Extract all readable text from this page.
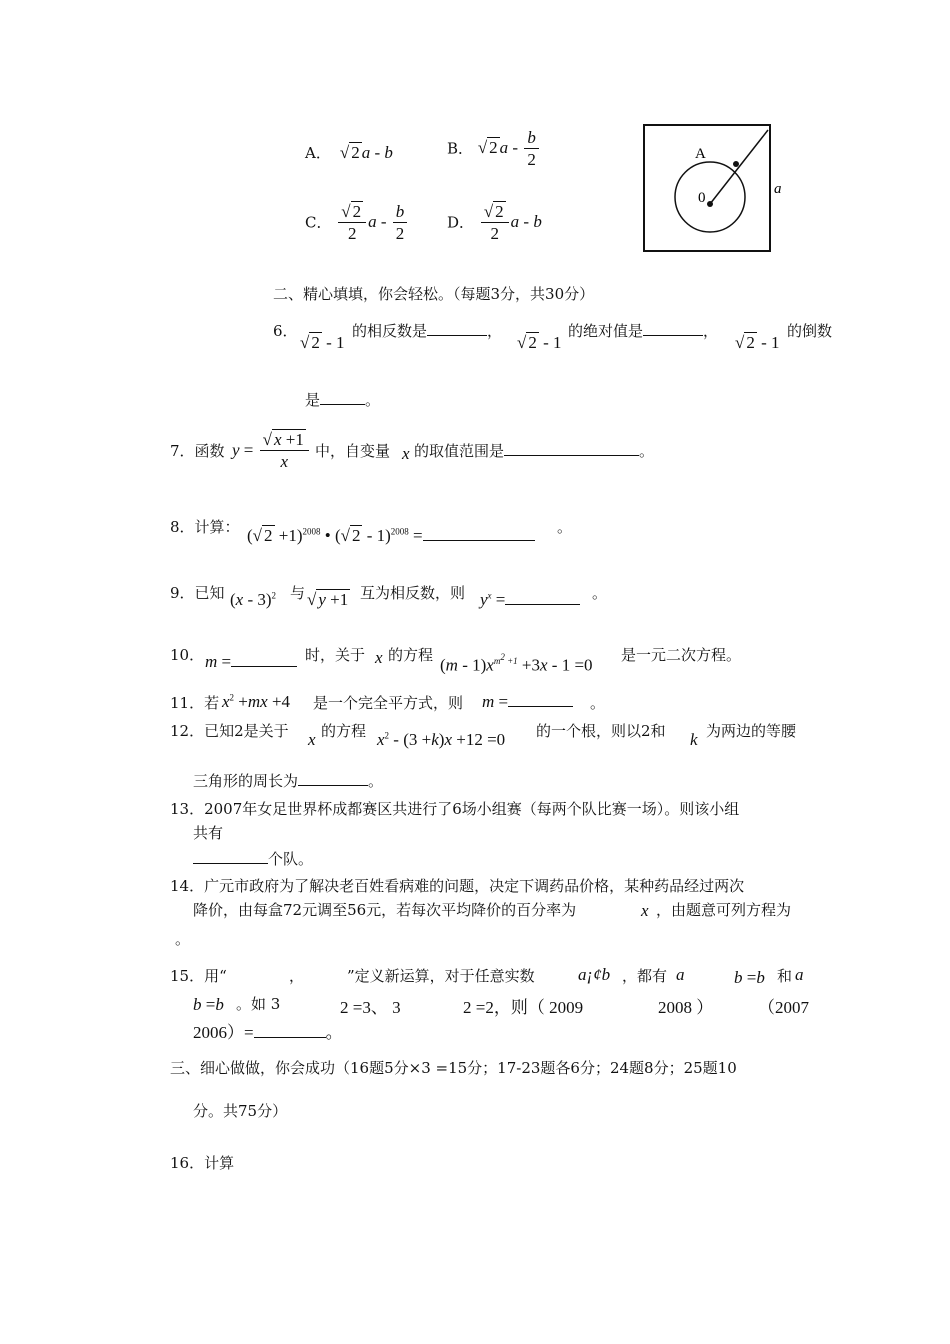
A．  √ 2 a - b	B． √ 2 a - $\frac{b}{2}$
C． $\frac{√ 2}{2}$ a - $\frac{b}{2}$	D． $\frac{√ 2}{2}$ a - b
A
0
a
二、精心填填，你会轻松。（每题3分，共30分）
6．
√ 2 - 1
的相反数是	，
√ 2 - 1
的绝对值是	，
√ 2 - 1
的倒数
是	。
7．函数 $y = \frac{√ x +1}{x}$ 中，自变量 x 的取值范围是	。
8．计算： (√ 2 +1)$^{2008}$ • (√ 2 - 1)$^{2008}$ =	。
9．已知 (x - 3)$^2$ 与 √ y +1 互为相反数，则 $y^x$ =	。
10． m =	时，关于 x 的方程
$(m - 1)x^{m^2 +1} +3x - 1 =0$
是一元二次方程。
11．若 $x^2 +mx +4$ 是一个完全平方式，则 m =	。
12．已知2是关于 x 的方程 $x^2 - (3 +k)x +12 =0$ 的一个根，则以2和 k 为两边的等腰
三角形的周长为	。
13．2007年女足世界杯成都赛区共进行了6场小组赛（每两个队比赛一场）。则该小组
共有
个队。
14．广元市政府为了解决老百姓看病难的问题，决定下调药品价格，某种药品经过两次
降价，由每盒72元调至56元，若每次平均降价的百分率为	x ，由题意可列方程为
。
15．用“	，	”定义新运算，对于任意实数	a¡¢b ，都有 a	b =b 和 a
b =b 。如 3	2 =3、 3	2 =2，则（ 2009	2008 ）	（2007
2006）=	。
三、细心做做，你会成功（16题5分×3 =15分；17-23题各6分；24题8分；25题10
分。共75分）
16．计算
